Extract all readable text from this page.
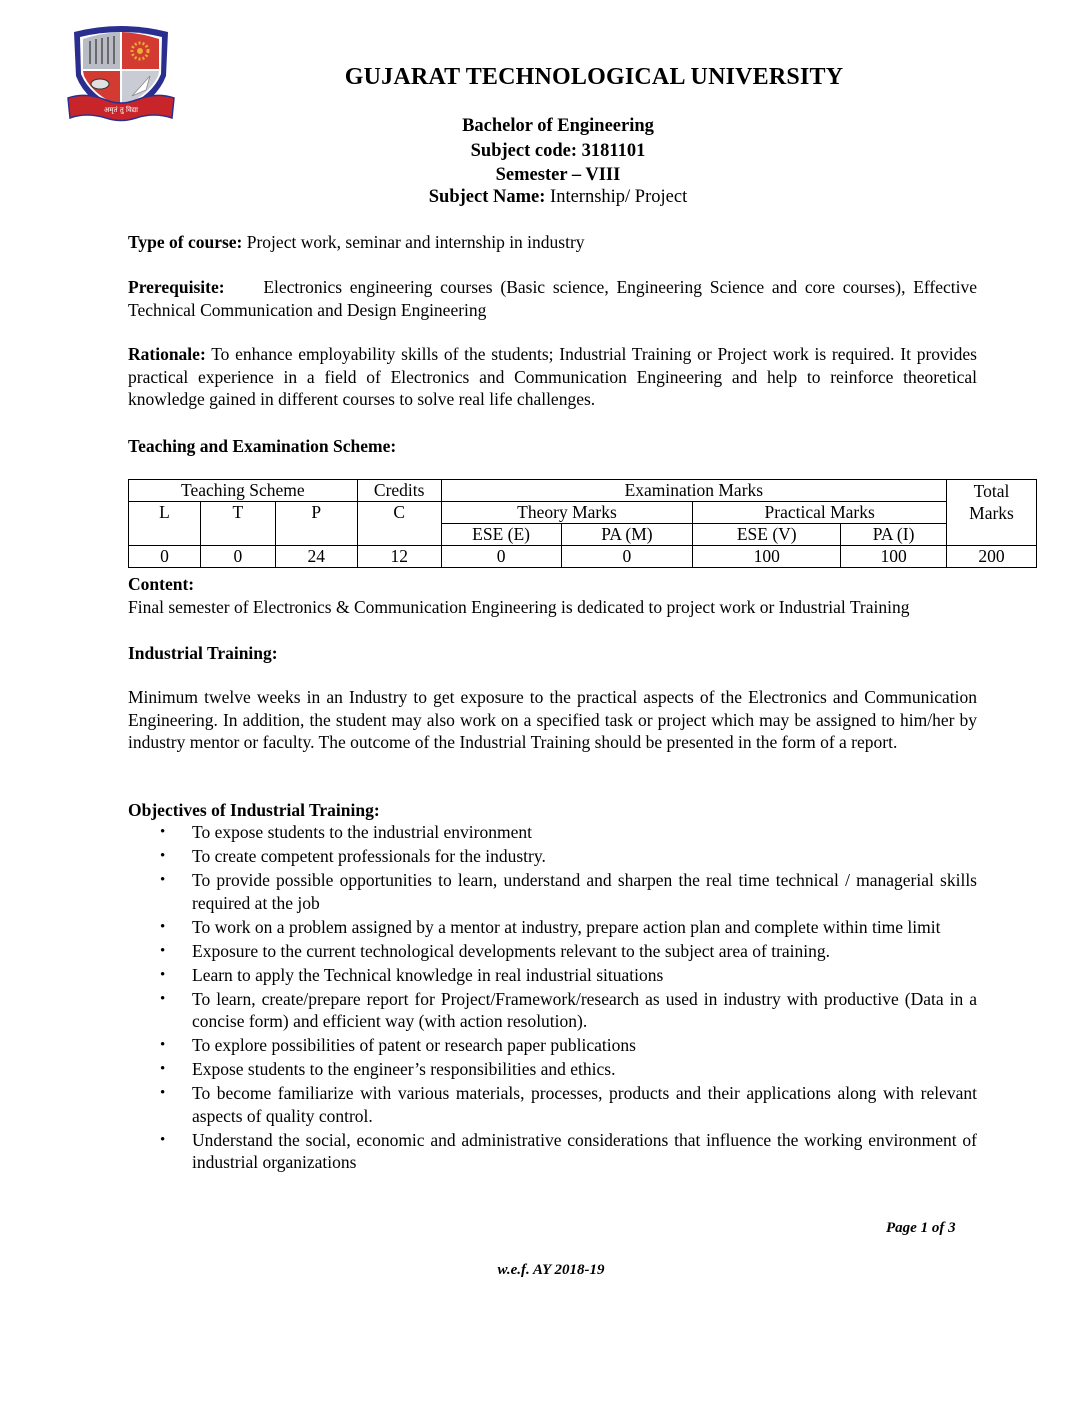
अमृतं तु विद्या
GUJARAT TECHNOLOGICAL UNIVERSITY
Bachelor of Engineering
Subject code: 3181101
Semester – VIII
Subject Name: Internship/ Project
Type of course: Project work, seminar and internship in industry
Prerequisite:     Electronics engineering courses (Basic science, Engineering Science and core courses), Effective Technical Communication and Design Engineering
Rationale: To enhance employability skills of the students; Industrial Training or Project work is required. It provides practical experience in a field of Electronics and Communication Engineering and help to reinforce theoretical knowledge gained in different courses to solve real life challenges.
Teaching and Examination Scheme:
Teaching Scheme			Credits	Examination Marks				Total
Marks
L	T	P	C	Theory Marks		Practical Marks		
				ESE (E)	PA (M)	ESE (V)	PA (I)	
0	0	24	12	0	0	100	100	200
Content:
Final semester of Electronics & Communication Engineering is dedicated to project work or Industrial Training
Industrial Training:
Minimum twelve weeks in an Industry to get exposure to the practical aspects of the Electronics and Communication Engineering. In addition, the student may also work on a specified task or project which may be assigned to him/her by industry mentor or faculty. The outcome of the Industrial Training should be presented in the form of a report.
Objectives of Industrial Training:
• To expose students to the industrial environment
• To create competent professionals for the industry.
• To provide possible opportunities to learn, understand and sharpen the real time technical / managerial skills required at the job
• To work on a problem assigned by a mentor at industry, prepare action plan and complete within time limit
• Exposure to the current technological developments relevant to the subject area of training.
• Learn to apply the Technical knowledge in real industrial situations
• To learn, create/prepare report for Project/Framework/research as used in industry with productive (Data in a concise form) and efficient way (with action resolution).
• To explore possibilities of patent or research paper publications
• Expose students to the engineer’s responsibilities and ethics.
• To become familiarize with various materials, processes, products and their applications along with relevant aspects of quality control.
• Understand the social, economic and administrative considerations that influence the working environment of industrial organizations
Page 1 of 3
w.e.f. AY 2018-19
